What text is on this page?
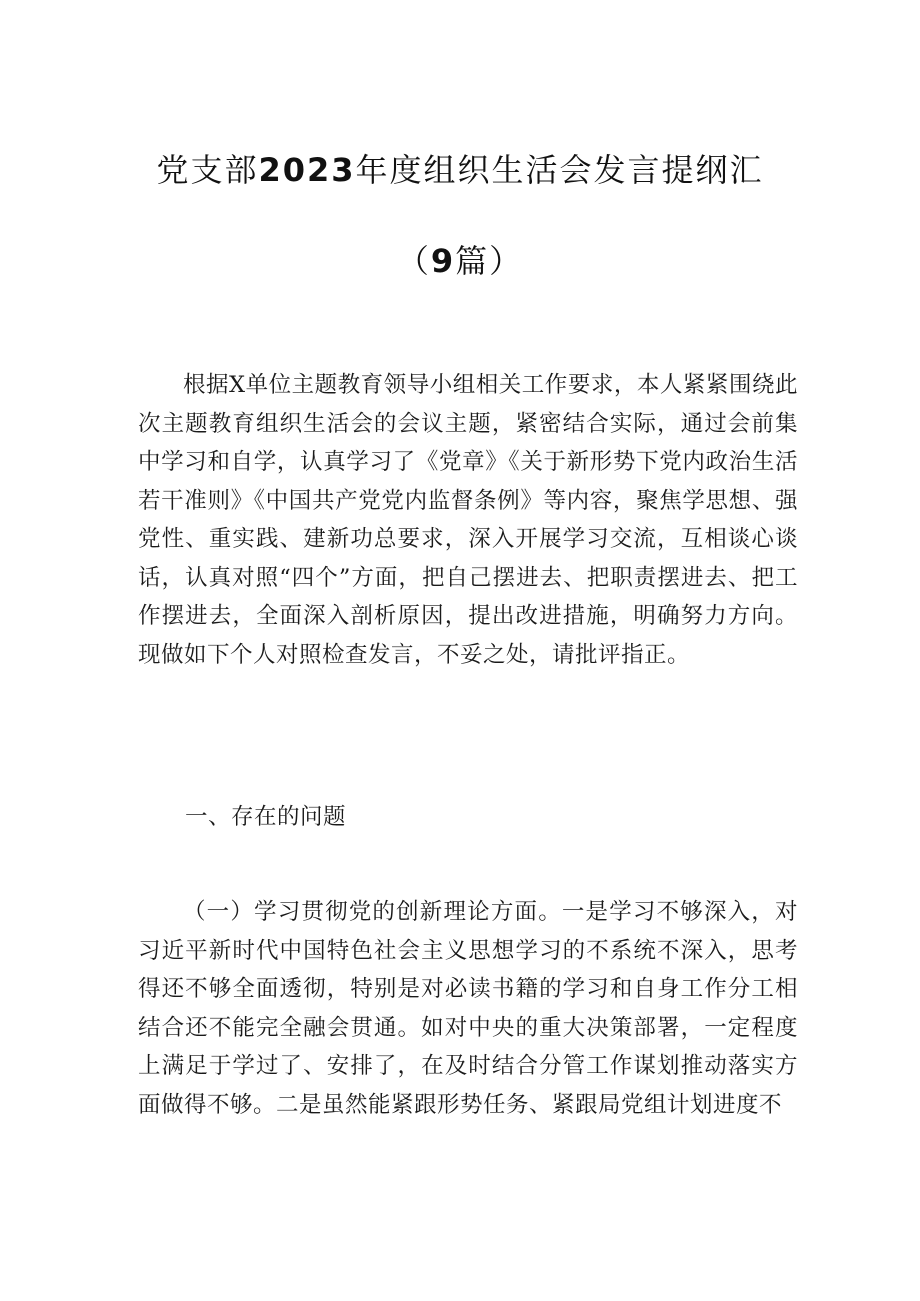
党支部2023年度组织生活会发言提纲汇
（9篇）

根据X单位主题教育领导小组相关工作要求，本人紧紧围绕此次主题教育组织生活会的会议主题，紧密结合实际，通过会前集中学习和自学，认真学习了《党章》《关于新形势下党内政治生活若干准则》《中国共产党党内监督条例》等内容，聚焦学思想、强党性、重实践、建新功总要求，深入开展学习交流，互相谈心谈话，认真对照“四个”方面，把自己摆进去、把职责摆进去、把工作摆进去，全面深入剖析原因，提出改进措施，明确努力方向。现做如下个人对照检查发言，不妥之处，请批评指正。

一、存在的问题

（一）学习贯彻党的创新理论方面。一是学习不够深入，对习近平新时代中国特色社会主义思想学习的不系统不深入，思考得还不够全面透彻，特别是对必读书籍的学习和自身工作分工相结合还不能完全融会贯通。如对中央的重大决策部署，一定程度上满足于学过了、安排了，在及时结合分管工作谋划推动落实方面做得不够。二是虽然能紧跟形势任务、紧跟局党组计划进度不
